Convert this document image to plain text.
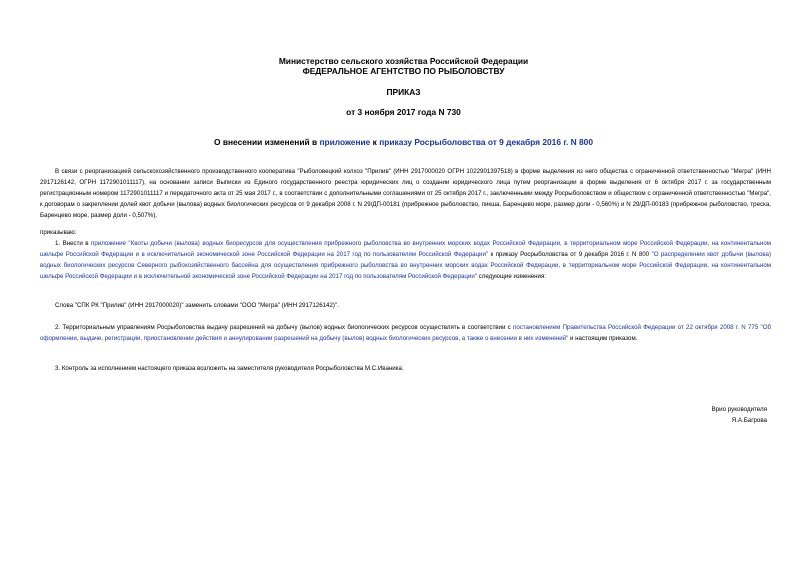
Министерство сельского хозяйства Российской Федерации
ФЕДЕРАЛЬНОЕ АГЕНТСТВО ПО РЫБОЛОВСТВУ
ПРИКАЗ
от 3 ноября 2017 года N 730
О внесении изменений в приложение к приказу Росрыболовства от 9 декабря 2016 г. N 800
В связи с реорганизацией сельскохозяйственного производственного кооператива "Рыболовецкий колхоз "Прилив" (ИНН 2917000020 ОГРН 1022901397518) в форме выделения из него общества с ограниченной ответственностью "Мегра" (ИНН 2917126142, ОГРН 1172901011117), на основании записи Выписки из Единого государственного реестра юридических лиц о создании юридического лица путем реорганизации в форме выделения от 6 октября 2017 г. за государственным регистрационным номером 1172901011117 и передаточного акта от 25 мая 2017 г., в соответствии с дополнительными соглашениями от 25 октября 2017 г., заключенными между Росрыболовством и обществом с ограниченной ответственностью "Мегра", к договорам о закреплении долей квот добычи (вылова) водных биологических ресурсов от 9 декабря 2008 г. N 29/ДП-00181 (прибрежное рыболовство, пикша, Баренцево море, размер доли - 0,560%) и N 29/ДП-00183 (прибрежное рыболовство, треска, Баренцево море, размер доли - 0,507%),
приказываю:
1. Внести в приложение "Квоты добычи (вылова) водных биоресурсов для осуществления прибрежного рыболовства во внутренних морских водах Российской Федерации, в территориальном море Российской Федерации, на континентальном шельфе Российской Федерации и в исключительной экономической зоне Российской Федерации на 2017 год по пользователям Российской Федерации" к приказу Росрыболовства от 9 декабря 2016 г. N 800 "О распределении квот добычи (вылова) водных биологических ресурсов Северного рыбохозяйственного бассейна для осуществления прибрежного рыболовства во внутренних морских водах Российской Федерации, в территориальном море Российской Федерации, на континентальном шельфе Российской Федерации и в исключительной экономической зоне Российской Федерации на 2017 год по пользователям Российской Федерации" следующие изменения:
Слова "СПК РК "Прилив" (ИНН 2917000020)" заменить словами "ООО "Мегра" (ИНН 2917126142)".
2. Территориальным управлениям Росрыболовства выдачу разрешений на добычу (вылов) водных биологических ресурсов осуществлять в соответствии с постановлением Правительства Российской Федерации от 22 октября 2008 г. N 775 "Об оформлении, выдаче, регистрации, приостановлении действия и аннулировании разрешений на добычу (вылов) водных биологических ресурсов, а также о внесении в них изменений" и настоящим приказом.
3. Контроль за исполнением настоящего приказа возложить на заместителя руководителя Росрыболовства М.С.Иваника.
Врио руководителя
Я.А.Багрова
